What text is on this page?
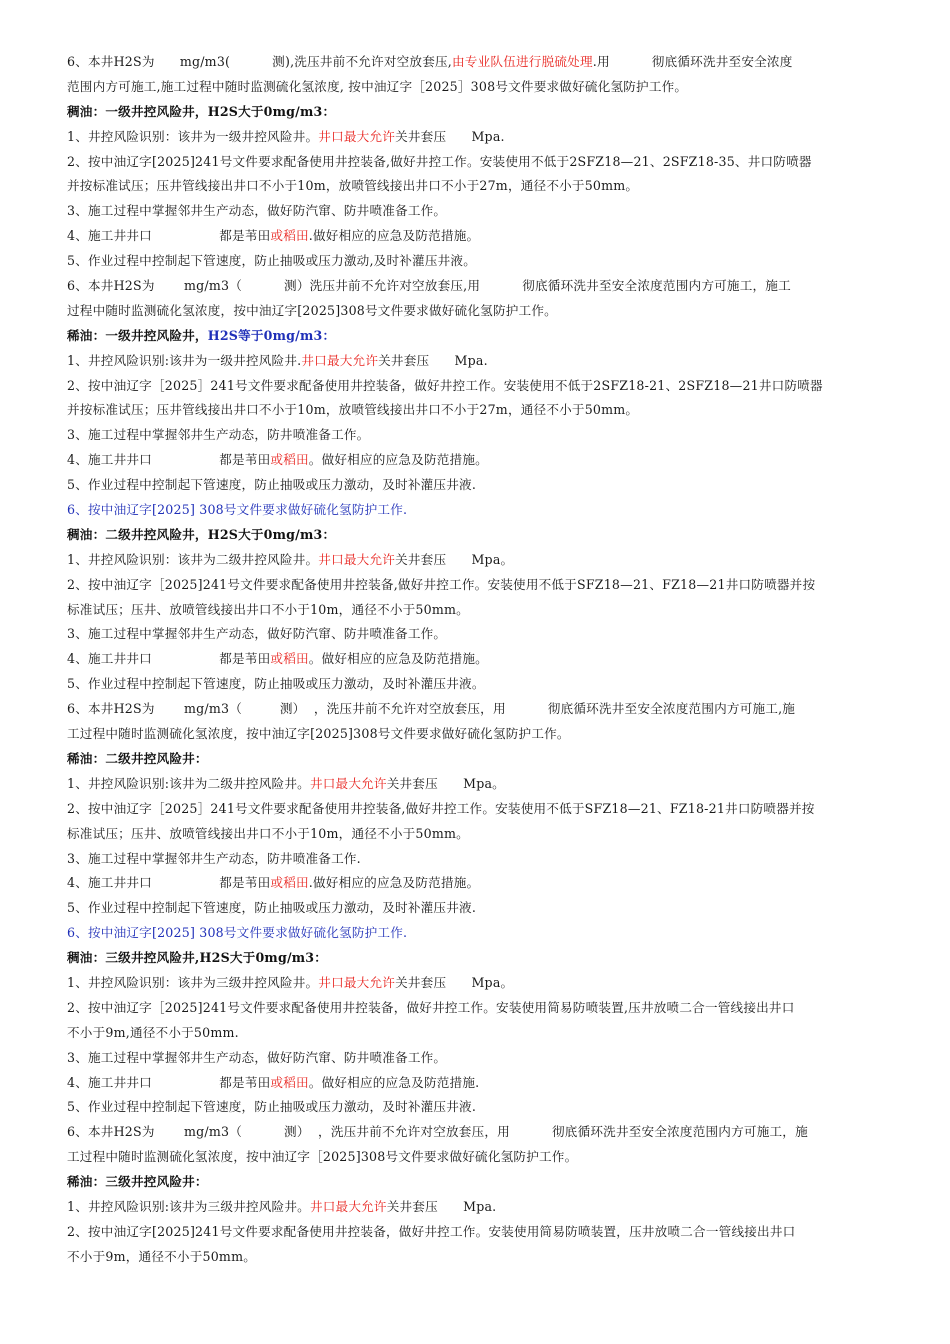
6、本井H2S为      mg/m3(          测),洗压井前不允许对空放套压,由专业队伍进行脱硫处理.用          彻底循环洗井至安全浓度
范围内方可施工,施工过程中随时监测硫化氢浓度, 按中油辽字［2025］308号文件要求做好硫化氢防护工作。
稠油：一级井控风险井，H2S大于0mg/m3：
1、井控风险识别：该井为一级井控风险井。井口最大允许关井套压      Mpa.
2、按中油辽字[2025]241号文件要求配备使用井控装备,做好井控工作。安装使用不低于2SFZ18—21、2SFZ18-35、井口防喷器
并按标准试压；压井管线接出井口不小于10m，放喷管线接出井口不小于27m，通径不小于50mm。
3、施工过程中掌握邻井生产动态，做好防汽窜、防井喷准备工作。
4、施工井井口                都是苇田或稻田.做好相应的应急及防范措施。
5、作业过程中控制起下管速度，防止抽吸或压力激动,及时补灌压井液。
6、本井H2S为       mg/m3（          测）洗压井前不允许对空放套压,用          彻底循环洗井至安全浓度范围内方可施工，施工
过程中随时监测硫化氢浓度，按中油辽字[2025]308号文件要求做好硫化氢防护工作。
稀油：一级井控风险井，H2S等于0mg/m3：
1、井控风险识别:该井为一级井控风险井.井口最大允许关井套压      Mpa.
2、按中油辽字［2025］241号文件要求配备使用井控装备，做好井控工作。安装使用不低于2SFZ18-21、2SFZ18—21井口防喷器
并按标准试压；压井管线接出井口不小于10m，放喷管线接出井口不小于27m，通径不小于50mm。
3、施工过程中掌握邻井生产动态，防井喷准备工作。
4、施工井井口                都是苇田或稻田。做好相应的应急及防范措施。
5、作业过程中控制起下管速度，防止抽吸或压力激动，及时补灌压井液.
6、按中油辽字[2025] 308号文件要求做好硫化氢防护工作.
稠油：二级井控风险井，H2S大于0mg/m3：
1、井控风险识别：该井为二级井控风险井。井口最大允许关井套压      Mpa。
2、按中油辽字［2025]241号文件要求配备使用井控装备,做好井控工作。安装使用不低于SFZ18—21、FZ18—21井口防喷器并按
标准试压；压井、放喷管线接出井口不小于10m，通径不小于50mm。
3、施工过程中掌握邻井生产动态，做好防汽窜、防井喷准备工作。
4、施工井井口                都是苇田或稻田。做好相应的应急及防范措施。
5、作业过程中控制起下管速度，防止抽吸或压力激动，及时补灌压井液。
6、本井H2S为       mg/m3（         测）  ，洗压井前不允许对空放套压，用          彻底循环洗井至安全浓度范围内方可施工,施
工过程中随时监测硫化氢浓度，按中油辽字[2025]308号文件要求做好硫化氢防护工作。
稀油：二级井控风险井：
1、井控风险识别:该井为二级井控风险井。井口最大允许关井套压      Mpa。
2、按中油辽字［2025］241号文件要求配备使用井控装备,做好井控工作。安装使用不低于SFZ18—21、FZ18-21井口防喷器并按
标准试压；压井、放喷管线接出井口不小于10m，通径不小于50mm。
3、施工过程中掌握邻井生产动态，防井喷准备工作.
4、施工井井口                都是苇田或稻田.做好相应的应急及防范措施。
5、作业过程中控制起下管速度，防止抽吸或压力激动，及时补灌压井液.
6、按中油辽字[2025] 308号文件要求做好硫化氢防护工作.
稠油：三级井控风险井,H2S大于0mg/m3：
1、井控风险识别：该井为三级井控风险井。井口最大允许关井套压      Mpa。
2、按中油辽字［2025]241号文件要求配备使用井控装备，做好井控工作。安装使用简易防喷装置,压井放喷二合一管线接出井口
不小于9m,通径不小于50mm.
3、施工过程中掌握邻井生产动态，做好防汽窜、防井喷准备工作。
4、施工井井口                都是苇田或稻田。做好相应的应急及防范措施.
5、作业过程中控制起下管速度，防止抽吸或压力激动，及时补灌压井液.
6、本井H2S为       mg/m3（          测）  ，洗压井前不允许对空放套压，用          彻底循环洗井至安全浓度范围内方可施工，施
工过程中随时监测硫化氢浓度，按中油辽字［2025]308号文件要求做好硫化氢防护工作。
稀油：三级井控风险井：
1、井控风险识别:该井为三级井控风险井。井口最大允许关井套压      Mpa.
2、按中油辽字[2025]241号文件要求配备使用井控装备，做好井控工作。安装使用简易防喷装置，压井放喷二合一管线接出井口
不小于9m，通径不小于50mm。
